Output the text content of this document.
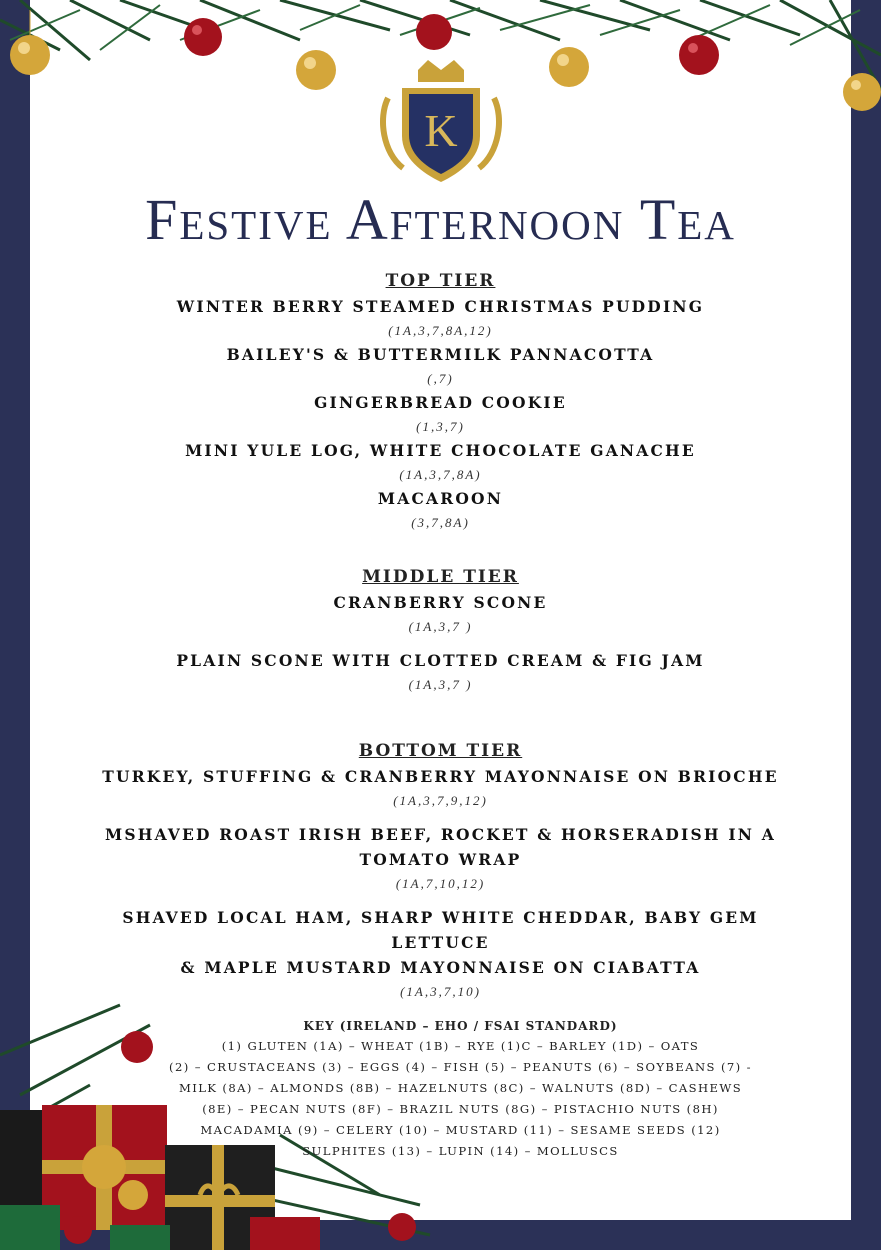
K
Festive Afternoon Tea
TOP TIER
WINTER BERRY STEAMED CHRISTMAS PUDDING
(1A,3,7,8A,12)
BAILEY'S & BUTTERMILK PANNACOTTA
(,7)
GINGERBREAD COOKIE
(1,3,7)
MINI YULE LOG, WHITE CHOCOLATE GANACHE
(1A,3,7,8A)
MACAROON
(3,7,8A)
MIDDLE TIER
CRANBERRY SCONE
(1A,3,7 )
PLAIN SCONE WITH CLOTTED CREAM & FIG JAM
(1A,3,7 )
BOTTOM TIER
TURKEY, STUFFING & CRANBERRY MAYONNAISE ON BRIOCHE
(1A,3,7,9,12)
MSHAVED ROAST IRISH BEEF, ROCKET & HORSERADISH IN A
TOMATO WRAP
(1A,7,10,12)
SHAVED LOCAL HAM, SHARP WHITE CHEDDAR, BABY GEM LETTUCE
& MAPLE MUSTARD MAYONNAISE ON CIABATTA
(1A,3,7,10)
KEY (IRELAND – EHO / FSAI STANDARD)
(1) GLUTEN (1A) – WHEAT (1B) – RYE (1)C – BARLEY (1D) – OATS
(2) – CRUSTACEANS (3) – EGGS (4) – FISH (5) – PEANUTS (6) – SOYBEANS (7) -
MILK (8A) – ALMONDS (8B) – HAZELNUTS (8C) – WALNUTS (8D) – CASHEWS
(8E) – PECAN NUTS (8F) – BRAZIL NUTS (8G) – PISTACHIO NUTS (8H)
MACADAMIA (9) – CELERY (10) – MUSTARD (11) – SESAME SEEDS (12)
SULPHITES (13) – LUPIN (14) – MOLLUSCS
